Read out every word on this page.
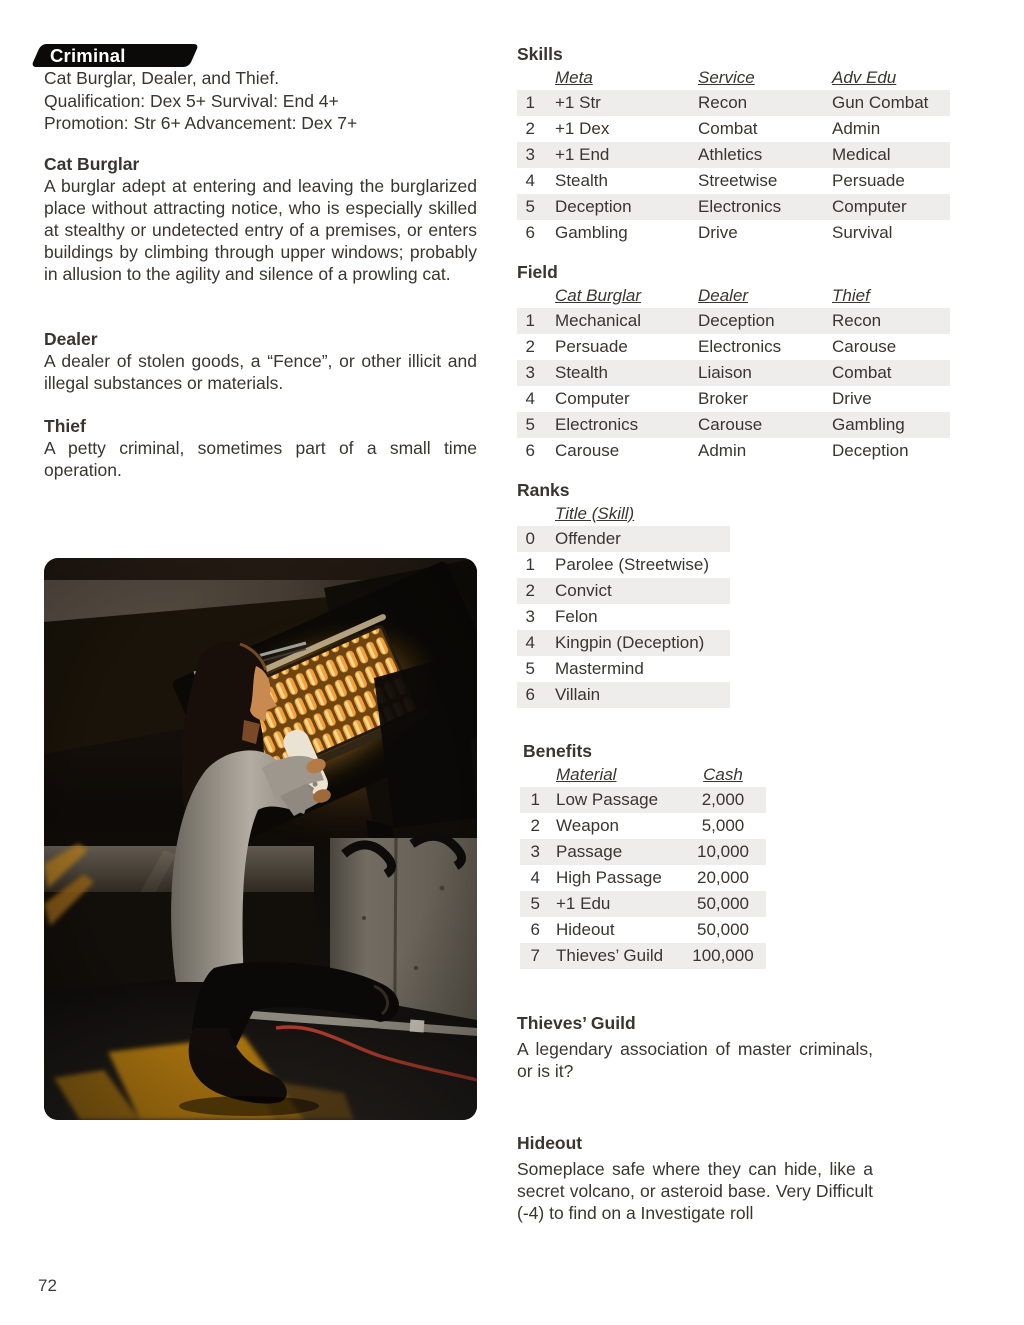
Criminal
Cat Burglar, Dealer, and Thief.
Qualification: Dex 5+ Survival: End 4+
Promotion: Str 6+ Advancement: Dex 7+
Cat Burglar

A burglar adept at entering and leaving the burglarized place without attracting notice, who is especially skilled at stealthy or undetected entry of a premises, or enters buildings by climbing through upper windows; probably in allusion to the agility and silence of a prowling cat.

Dealer

A dealer of stolen goods, a “Fence”, or other illicit and illegal substances or materials.

Thief

A petty criminal, sometimes part of a small time operation.

Skills
Meta	Service	Adv Edu
1	+1 Str	Recon	Gun Combat
2	+1 Dex	Combat	Admin
3	+1 End	Athletics	Medical
4	Stealth	Streetwise	Persuade
5	Deception	Electronics	Computer
6	Gambling	Drive	Survival
Field
Cat Burglar	Dealer	Thief
1	Mechanical	Deception	Recon
2	Persuade	Electronics	Carouse
3	Stealth	Liaison	Combat
4	Computer	Broker	Drive
5	Electronics	Carouse	Gambling
6	Carouse	Admin	Deception
Ranks
Title (Skill)
0	Offender
1	Parolee (Streetwise)
2	Convict
3	Felon
4	Kingpin (Deception)
5	Mastermind
6	Villain
Benefits
Material	Cash
1 Low Passage	2,000
2 Weapon	5,000
3 Passage	10,000
4 High Passage	20,000
5 +1 Edu	50,000
6 Hideout	50,000
7 Thieves’ Guild	100,000
Thieves’ Guild

A legendary association of master criminals, or is it?

Hideout

Someplace safe where they can hide, like a secret volcano, or asteroid base. Very Difficult (-4) to find on a Investigate roll

72
